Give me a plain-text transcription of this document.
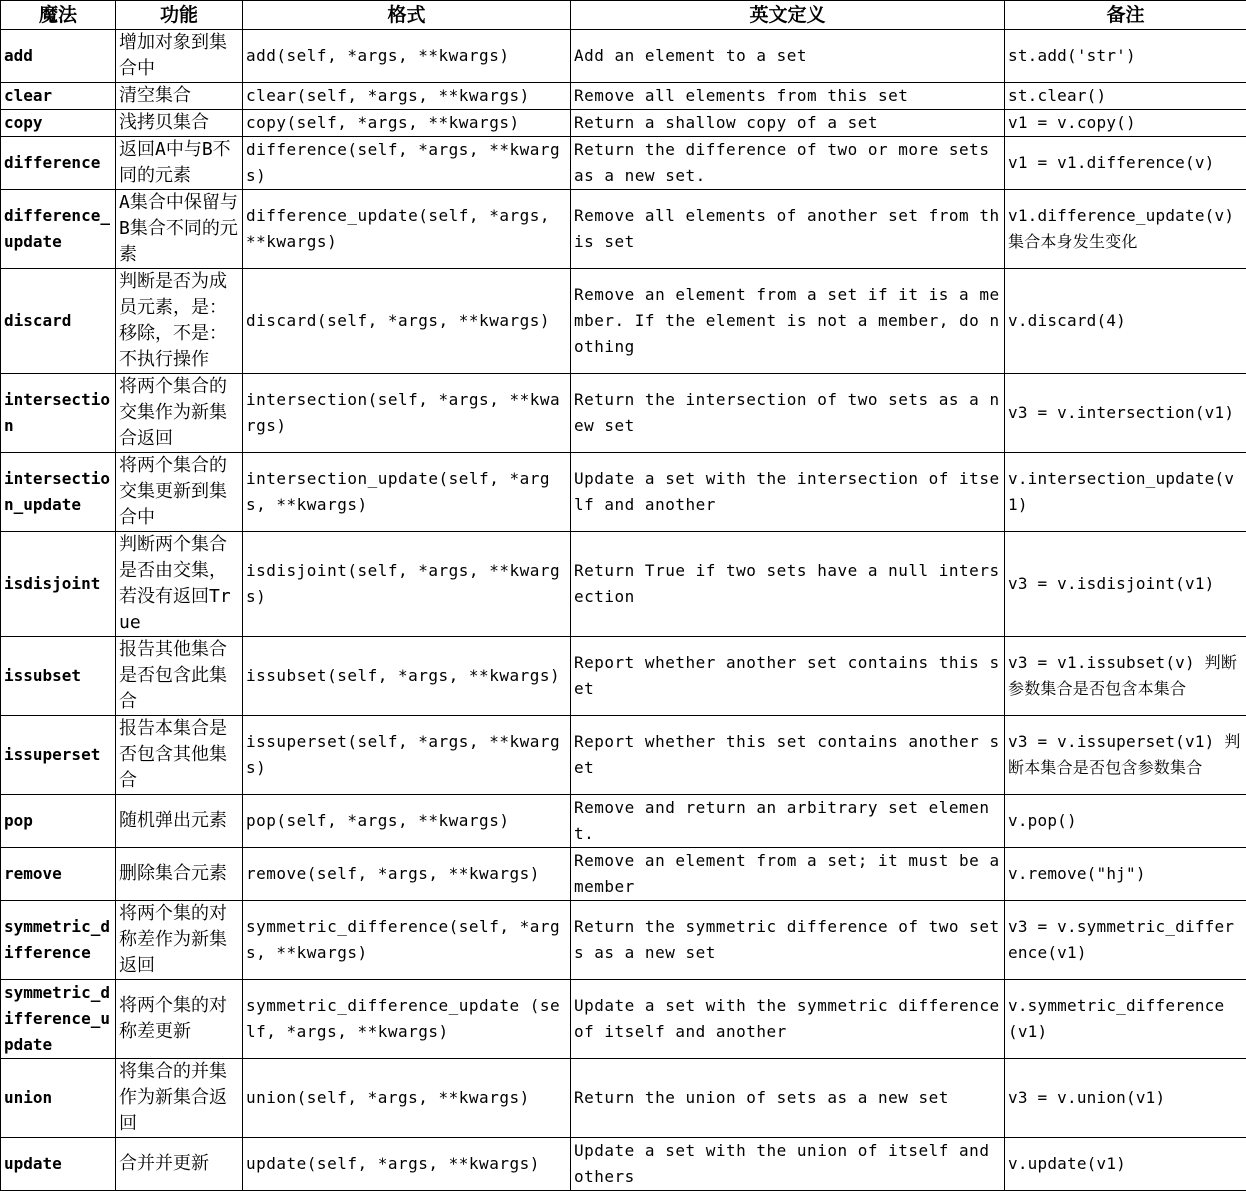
魔法	功能	格式	英文定义	备注
add	增加对象到集合中	add(self, *args, **kwargs)	Add an element to a set	st.add('str')
clear	清空集合	clear(self, *args, **kwargs)	Remove all elements from this set	st.clear()
copy	浅拷贝集合	copy(self, *args, **kwargs)	Return a shallow copy of a set	v1 = v.copy()
difference	返回A中与B不同的元素	difference(self, *args, **kwargs)	Return the difference of two or more sets as a new set.	v1 = v1.difference(v)
difference_update	A集合中保留与B集合不同的元素	difference_update(self, *args, **kwargs)	Remove all elements of another set from this set	v1.difference_update(v) 集合本身发生变化
discard	判断是否为成员元素，是：移除，不是：不执行操作	discard(self, *args, **kwargs)	Remove an element from a set if it is a member. If the element is not a member, do nothing	v.discard(4)
intersection	将两个集合的交集作为新集合返回	intersection(self, *args, **kwargs)	Return the intersection of two sets as a new set	v3 = v.intersection(v1)
intersection_update	将两个集合的交集更新到集合中	intersection_update(self, *args, **kwargs)	Update a set with the intersection of itself and another	v.intersection_update(v1)
isdisjoint	判断两个集合是否由交集，若没有返回True	isdisjoint(self, *args, **kwargs)	Return True if two sets have a null intersection	v3 = v.isdisjoint(v1)
issubset	报告其他集合是否包含此集合	issubset(self, *args, **kwargs)	Report whether another set contains this set	v3 = v1.issubset(v) 判断参数集合是否包含本集合
issuperset	报告本集合是否包含其他集合	issuperset(self, *args, **kwargs)	Report whether this set contains another set	v3 = v.issuperset(v1) 判断本集合是否包含参数集合
pop	随机弹出元素	pop(self, *args, **kwargs)	Remove and return an arbitrary set element.	v.pop()
remove	删除集合元素	remove(self, *args, **kwargs)	Remove an element from a set; it must be a member	v.remove("hj")
symmetric_difference	将两个集的对称差作为新集返回	symmetric_difference(self, *args, **kwargs)	Return the symmetric difference of two sets as a new set	v3 = v.symmetric_difference(v1)
symmetric_difference_update	将两个集的对称差更新	symmetric_difference_update (self, *args, **kwargs)	Update a set with the symmetric difference of itself and another	v.symmetric_difference(v1)
union	将集合的并集作为新集合返回	union(self, *args, **kwargs)	Return the union of sets as a new set	v3 = v.union(v1)
update	合并并更新	update(self, *args, **kwargs)	Update a set with the union of itself and others	v.update(v1)
